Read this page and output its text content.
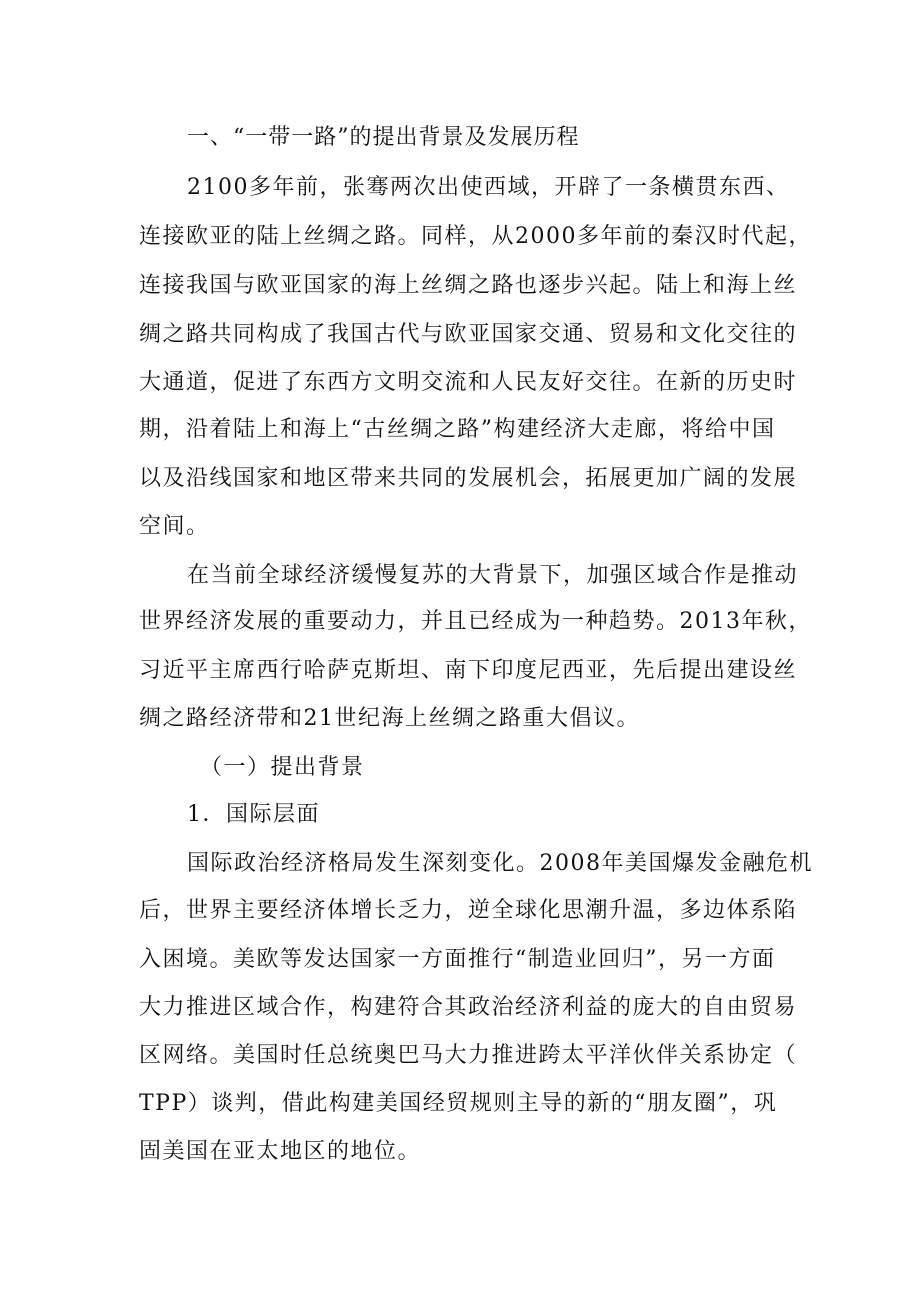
一、“一带一路”的提出背景及发展历程

2100多年前，张骞两次出使西域，开辟了一条横贯东西、

连接欧亚的陆上丝绸之路。同样，从2000多年前的秦汉时代起，

连接我国与欧亚国家的海上丝绸之路也逐步兴起。陆上和海上丝

绸之路共同构成了我国古代与欧亚国家交通、贸易和文化交往的

大通道，促进了东西方文明交流和人民友好交往。在新的历史时

期，沿着陆上和海上“古丝绸之路”构建经济大走廊，将给中国

以及沿线国家和地区带来共同的发展机会，拓展更加广阔的发展

空间。

在当前全球经济缓慢复苏的大背景下，加强区域合作是推动

世界经济发展的重要动力，并且已经成为一种趋势。2013年秋，

习近平主席西行哈萨克斯坦、南下印度尼西亚，先后提出建设丝

绸之路经济带和21世纪海上丝绸之路重大倡议。

（一）提出背景

1．国际层面

国际政治经济格局发生深刻变化。2008年美国爆发金融危机

后，世界主要经济体增长乏力，逆全球化思潮升温，多边体系陷

入困境。美欧等发达国家一方面推行“制造业回归”，另一方面

大力推进区域合作，构建符合其政治经济利益的庞大的自由贸易

区网络。美国时任总统奥巴马大力推进跨太平洋伙伴关系协定（

TPP）谈判，借此构建美国经贸规则主导的新的“朋友圈”，巩

固美国在亚太地区的地位。
